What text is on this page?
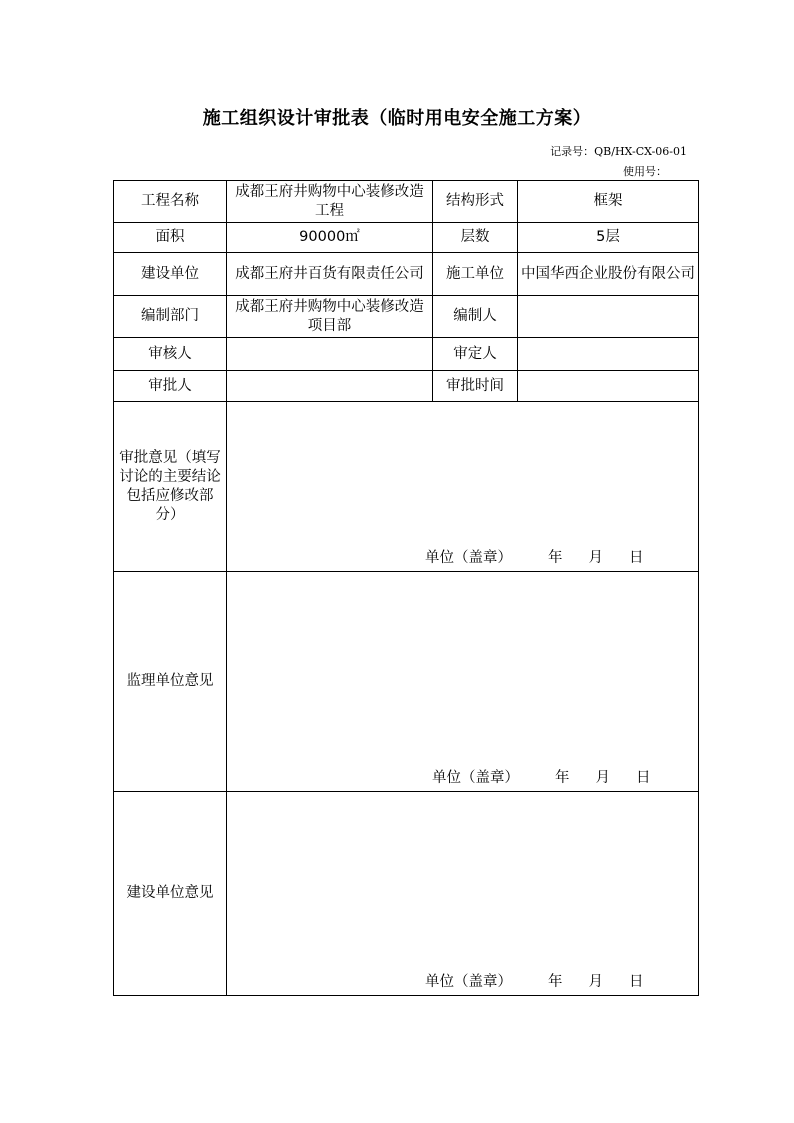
施工组织设计审批表（临时用电安全施工方案）
记录号：QB/HX-CX-06-01
使用号：
工程名称	成都王府井购物中心装修改造工程	结构形式	框架
面积	90000㎡	层数	5层
建设单位	成都王府井百货有限责任公司	施工单位	中国华西企业股份有限公司
编制部门	成都王府井购物中心装修改造项目部	编制人	
审核人		审定人	
审批人		审批时间	
审批意见（填写讨论的主要结论包括应修改部分）	单位（盖章） 年 月 日		

监理单位意见	单位（盖章） 年 月 日		

建设单位意见	单位（盖章） 年 月 日		
